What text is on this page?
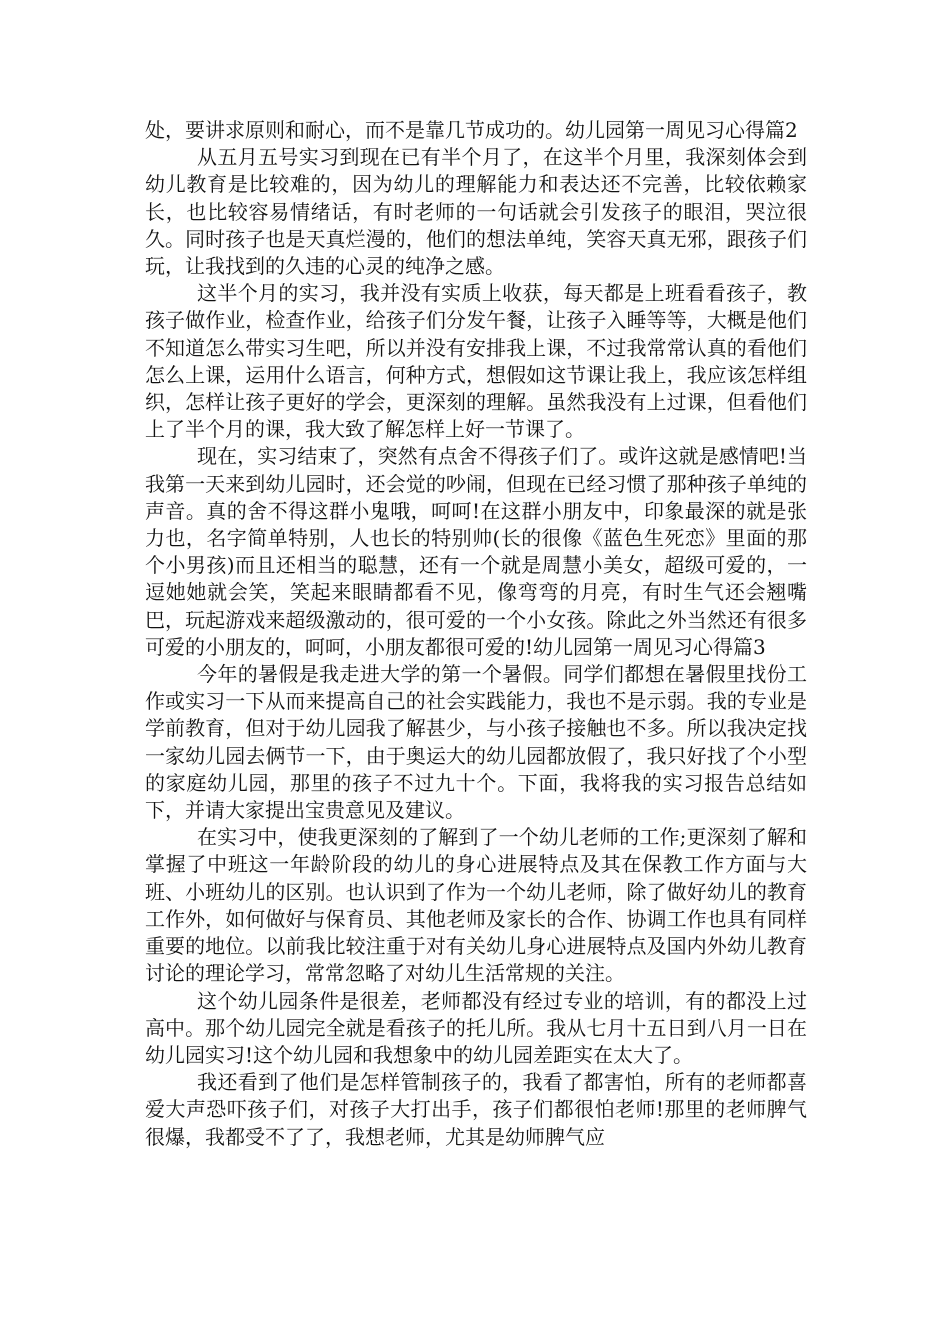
处，要讲求原则和耐心，而不是靠几节成功的。幼儿园第一周见习心得篇2

从五月五号实习到现在已有半个月了，在这半个月里，我深刻体会到幼儿教育是比较难的，因为幼儿的理解能力和表达还不完善，比较依赖家长，也比较容易情绪话，有时老师的一句话就会引发孩子的眼泪，哭泣很久。同时孩子也是天真烂漫的，他们的想法单纯，笑容天真无邪，跟孩子们玩，让我找到的久违的心灵的纯净之感。

这半个月的实习，我并没有实质上收获，每天都是上班看看孩子，教孩子做作业，检查作业，给孩子们分发午餐，让孩子入睡等等，大概是他们不知道怎么带实习生吧，所以并没有安排我上课，不过我常常认真的看他们怎么上课，运用什么语言，何种方式，想假如这节课让我上，我应该怎样组织，怎样让孩子更好的学会，更深刻的理解。虽然我没有上过课，但看他们上了半个月的课，我大致了解怎样上好一节课了。

现在，实习结束了，突然有点舍不得孩子们了。或许这就是感情吧!当我第一天来到幼儿园时，还会觉的吵闹，但现在已经习惯了那种孩子单纯的声音。真的舍不得这群小鬼哦，呵呵!在这群小朋友中，印象最深的就是张力也，名字简单特别，人也长的特别帅(长的很像《蓝色生死恋》里面的那个小男孩)而且还相当的聪慧，还有一个就是周慧小美女，超级可爱的，一逗她她就会笑，笑起来眼睛都看不见，像弯弯的月亮，有时生气还会翘嘴巴，玩起游戏来超级激动的，很可爱的一个小女孩。除此之外当然还有很多可爱的小朋友的，呵呵，小朋友都很可爱的!幼儿园第一周见习心得篇3

今年的暑假是我走进大学的第一个暑假。同学们都想在暑假里找份工作或实习一下从而来提高自己的社会实践能力，我也不是示弱。我的专业是学前教育，但对于幼儿园我了解甚少，与小孩子接触也不多。所以我决定找一家幼儿园去俩节一下，由于奥运大的幼儿园都放假了，我只好找了个小型的家庭幼儿园，那里的孩子不过九十个。下面，我将我的实习报告总结如下，并请大家提出宝贵意见及建议。

在实习中，使我更深刻的了解到了一个幼儿老师的工作;更深刻了解和掌握了中班这一年龄阶段的幼儿的身心进展特点及其在保教工作方面与大班、小班幼儿的区别。也认识到了作为一个幼儿老师，除了做好幼儿的教育工作外，如何做好与保育员、其他老师及家长的合作、协调工作也具有同样重要的地位。以前我比较注重于对有关幼儿身心进展特点及国内外幼儿教育讨论的理论学习，常常忽略了对幼儿生活常规的关注。

这个幼儿园条件是很差，老师都没有经过专业的培训，有的都没上过高中。那个幼儿园完全就是看孩子的托儿所。我从七月十五日到八月一日在幼儿园实习!这个幼儿园和我想象中的幼儿园差距实在太大了。

我还看到了他们是怎样管制孩子的，我看了都害怕，所有的老师都喜爱大声恐吓孩子们，对孩子大打出手，孩子们都很怕老师!那里的老师脾气很爆，我都受不了了，我想老师，尤其是幼师脾气应
